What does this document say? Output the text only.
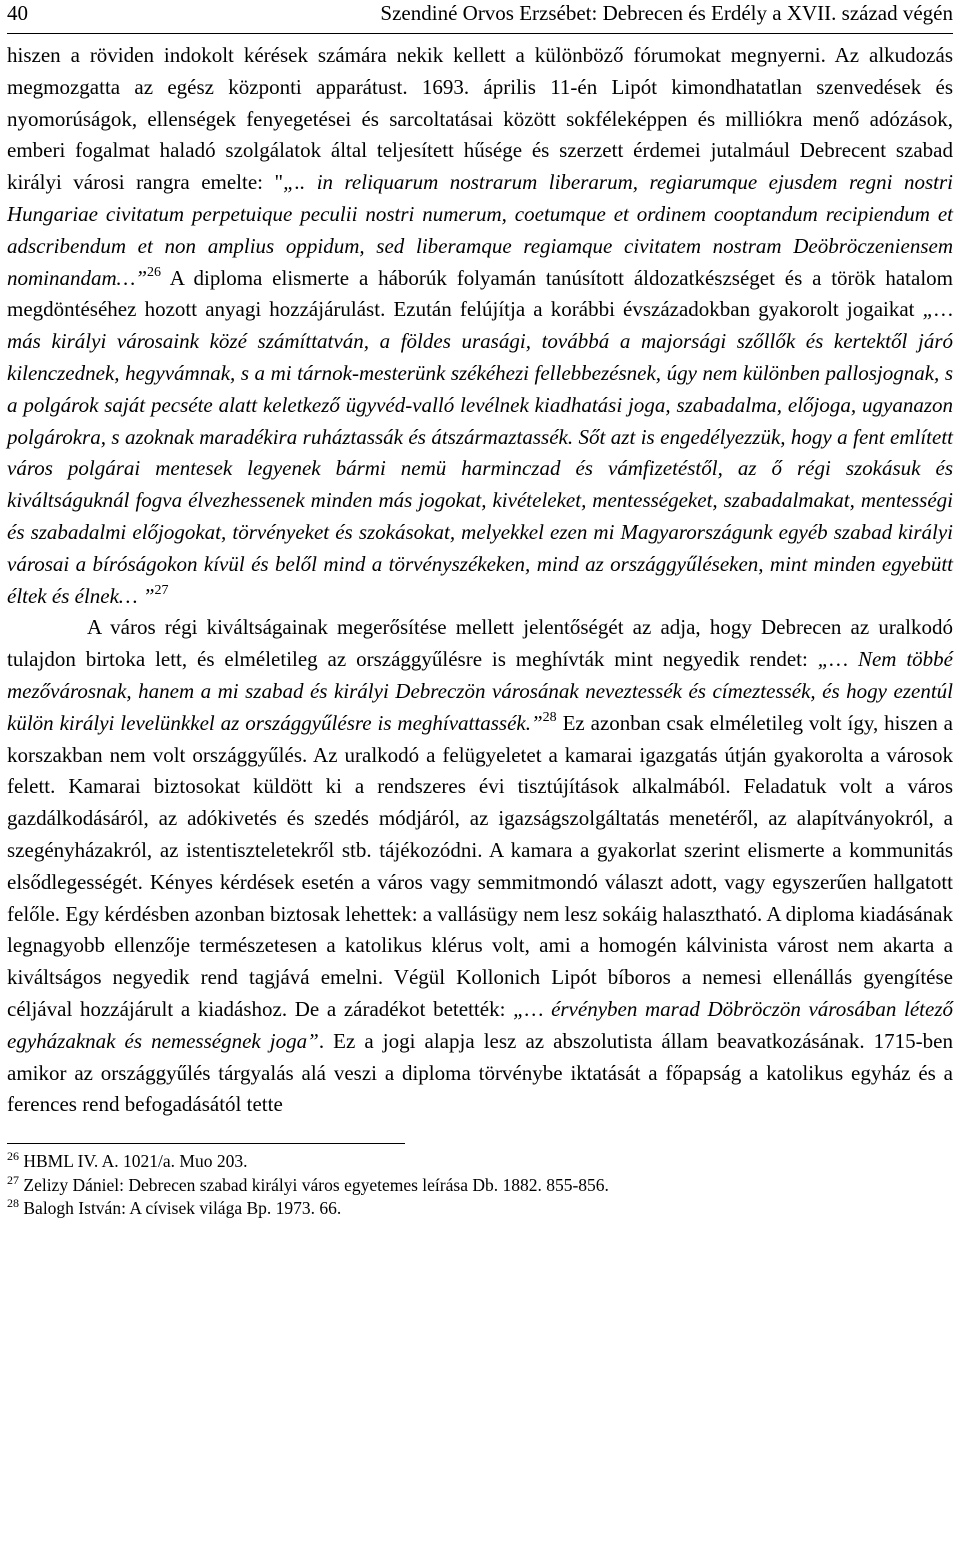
40	Szendiné Orvos Erzsébet: Debrecen és Erdély a XVII. század végén

hiszen a röviden indokolt kérések számára nekik kellett a különböző fórumokat megnyerni. Az alkudozás megmozgatta az egész központi apparátust. 1693. április 11-én Lipót kimondhatatlan szenvedések és nyomorúságok, ellenségek fenyegetései és sarcoltatásai között sokféleképpen és milliókra menő adózások, emberi fogalmat haladó szolgálatok által teljesített hűsége és szerzett érdemei jutalmául Debrecent szabad királyi városi rangra emelte: "„.. in reliquarum nostrarum liberarum, regiarumque ejusdem regni nostri Hungariae civitatum perpetuique peculii nostri numerum, coetumque et ordinem cooptandum recipiendum et adscribendum et non amplius oppidum, sed liberamque regiamque civitatem nostram Deöbröczeniensem nominandam…”$^{26}$ A diploma elismerte a háborúk folyamán tanúsított áldozatkészséget és a török hatalom megdöntéséhez hozott anyagi hozzájárulást. Ezután felújítja a korábbi évszázadokban gyakorolt jogaikat „… más királyi városaink közé számíttatván, a földes urasági, továbbá a majorsági szőllők és kertektől járó kilenczednek, hegyvámnak, s a mi tárnok-mesterünk székéhezi fellebbezésnek, úgy nem különben pallosjognak, s a polgárok saját pecséte alatt keletkező ügyvéd-valló levélnek kiadhatási joga, szabadalma, előjoga, ugyanazon polgárokra, s azoknak maradékira ruháztassák és átszármaztassék. Sőt azt is engedélyezzük, hogy a fent említett város polgárai mentesek legyenek bármi nemü harminczad és vámfizetéstől, az ő régi szokásuk és kiváltságuknál fogva élvezhessenek minden más jogokat, kivételeket, mentességeket, szabadalmakat, mentességi és szabadalmi előjogokat, törvényeket és szokásokat, melyekkel ezen mi Magyarországunk egyéb szabad királyi városai a bíróságokon kívül és belől mind a törvényszékeken, mind az országgyűléseken, mint minden egyebütt éltek és élnek… ”$^{27}$

A város régi kiváltságainak megerősítése mellett jelentőségét az adja, hogy Debrecen az uralkodó tulajdon birtoka lett, és elméletileg az országgyűlésre is meghívták mint negyedik rendet: „… Nem többé mezővárosnak, hanem a mi szabad és királyi Debreczön városának neveztessék és címeztessék, és hogy ezentúl külön királyi levelünkkel az országgyűlésre is meghívattassék.”$^{28}$ Ez azonban csak elméletileg volt így, hiszen a korszakban nem volt országgyűlés. Az uralkodó a felügyeletet a kamarai igazgatás útján gyakorolta a városok felett. Kamarai biztosokat küldött ki a rendszeres évi tisztújítások alkalmából. Feladatuk volt a város gazdálkodásáról, az adókivetés és szedés módjáról, az igazságszolgáltatás menetéről, az alapítványokról, a szegényházakról, az istentiszteletekről stb. tájékozódni. A kamara a gyakorlat szerint elismerte a kommunitás elsődlegességét. Kényes kérdések esetén a város vagy semmitmondó választ adott, vagy egyszerűen hallgatott felőle. Egy kérdésben azonban biztosak lehettek: a vallásügy nem lesz sokáig halasztható. A diploma kiadásának legnagyobb ellenzője természetesen a katolikus klérus volt, ami a homogén kálvinista várost nem akarta a kiváltságos negyedik rend tagjává emelni. Végül Kollonich Lipót bíboros a nemesi ellenállás gyengítése céljával hozzájárult a kiadáshoz. De a záradékot betették: „… érvényben marad Döbröczön városában létező egyházaknak és nemességnek joga”. Ez a jogi alapja lesz az abszolutista állam beavatkozásának. 1715-ben amikor az országgyűlés tárgyalás alá veszi a diploma törvénybe iktatását a főpapság a katolikus egyház és a ferences rend befogadásától tette

$^{26}$ HBML IV. A. 1021/a. Muo 203.
$^{27}$ Zelizy Dániel: Debrecen szabad királyi város egyetemes leírása Db. 1882. 855-856.
$^{28}$ Balogh István: A cívisek világa Bp. 1973. 66.
